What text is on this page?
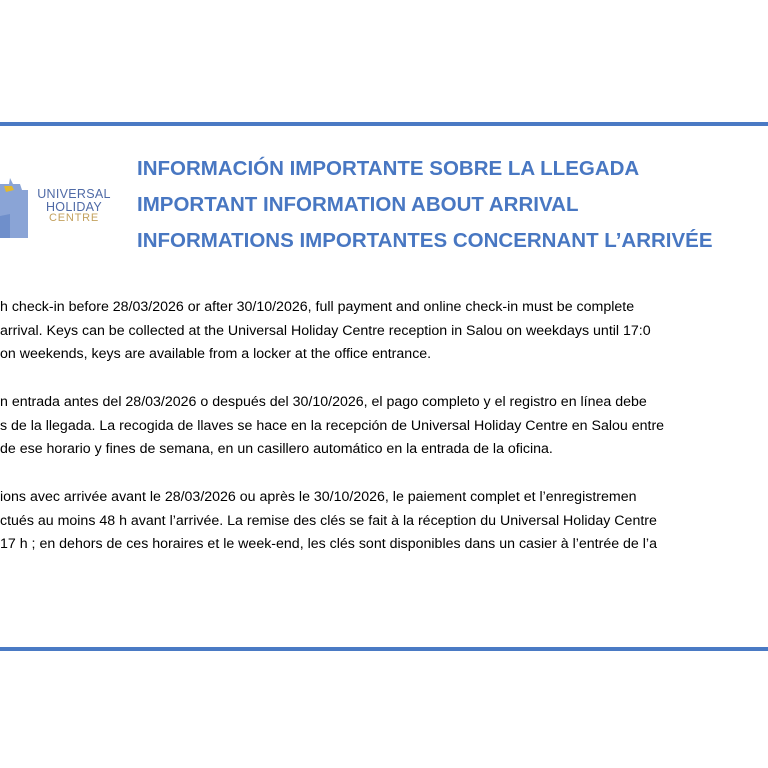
UNIVERSAL
HOLIDAY
CENTRE
INFORMACIÓN IMPORTANTE SOBRE LA LLEGADA
IMPORTANT INFORMATION ABOUT ARRIVAL
INFORMATIONS IMPORTANTES CONCERNANT L’ARRIVÉE
h check-in before 28/03/2026 or after 30/10/2026, full payment and online check-in must be complete
arrival. Keys can be collected at the Universal Holiday Centre reception in Salou on weekdays until 17:0
on weekends, keys are available from a locker at the office entrance.
n entrada antes del 28/03/2026 o después del 30/10/2026, el pago completo y el registro en línea debe
s de la llegada. La recogida de llaves se hace en la recepción de Universal Holiday Centre en Salou entre
de ese horario y fines de semana, en un casillero automático en la entrada de la oficina.
ions avec arrivée avant le 28/03/2026 ou après le 30/10/2026, le paiement complet et l’enregistremen
ctués au moins 48 h avant l’arrivée. La remise des clés se fait à la réception du Universal Holiday Centre
17 h ; en dehors de ces horaires et le week-end, les clés sont disponibles dans un casier à l’entrée de l’a
